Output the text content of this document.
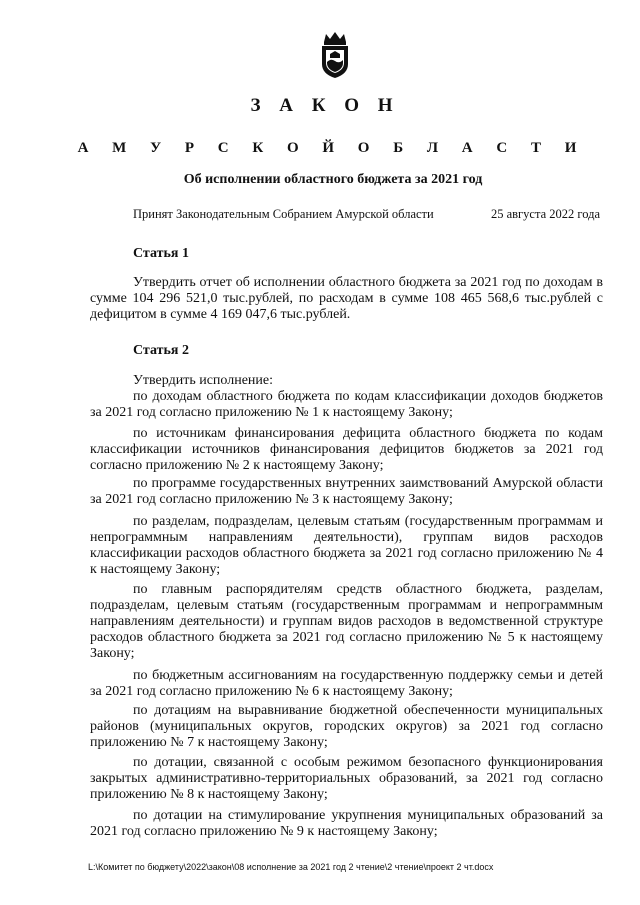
З А К О Н
А М У Р С К О Й О Б Л А С Т И
Об исполнении областного бюджета за 2021 год
Принят Законодательным Собранием Амурской области	25 августа 2022 года
Статья 1
Утвердить отчет об исполнении областного бюджета за 2021 год по доходам в сумме 104 296 521,0 тыс.рублей, по расходам в сумме 108 465 568,6 тыс.рублей с дефицитом в сумме 4 169 047,6 тыс.рублей.
Статья 2
Утвердить исполнение:
по доходам областного бюджета по кодам классификации доходов бюджетов за 2021 год согласно приложению № 1 к настоящему Закону;
по источникам финансирования дефицита областного бюджета по кодам классификации источников финансирования дефицитов бюджетов за 2021 год согласно приложению № 2 к настоящему Закону;
по программе государственных внутренних заимствований Амурской области за 2021 год согласно приложению № 3 к настоящему Закону;
по разделам, подразделам, целевым статьям (государственным программам и непрограммным направлениям деятельности), группам видов расходов классификации расходов областного бюджета за 2021 год согласно приложению № 4 к настоящему Закону;
по главным распорядителям средств областного бюджета, разделам, подразделам, целевым статьям (государственным программам и непрограммным направлениям деятельности) и группам видов расходов в ведомственной структуре расходов областного бюджета за 2021 год согласно приложению № 5 к настоящему Закону;
по бюджетным ассигнованиям на государственную поддержку семьи и детей за 2021 год согласно приложению № 6 к настоящему Закону;
по дотациям на выравнивание бюджетной обеспеченности муниципальных районов (муниципальных округов, городских округов) за 2021 год согласно приложению № 7 к настоящему Закону;
по дотации, связанной с особым режимом безопасного функционирования закрытых административно-территориальных образований, за 2021 год согласно приложению № 8 к настоящему Закону;
по дотации на стимулирование укрупнения муниципальных образований за 2021 год согласно приложению № 9 к настоящему Закону;
L:\Комитет по бюджету\2022\закон\08 исполнение за 2021 год 2 чтение\2 чтение\проект 2 чт.docx
